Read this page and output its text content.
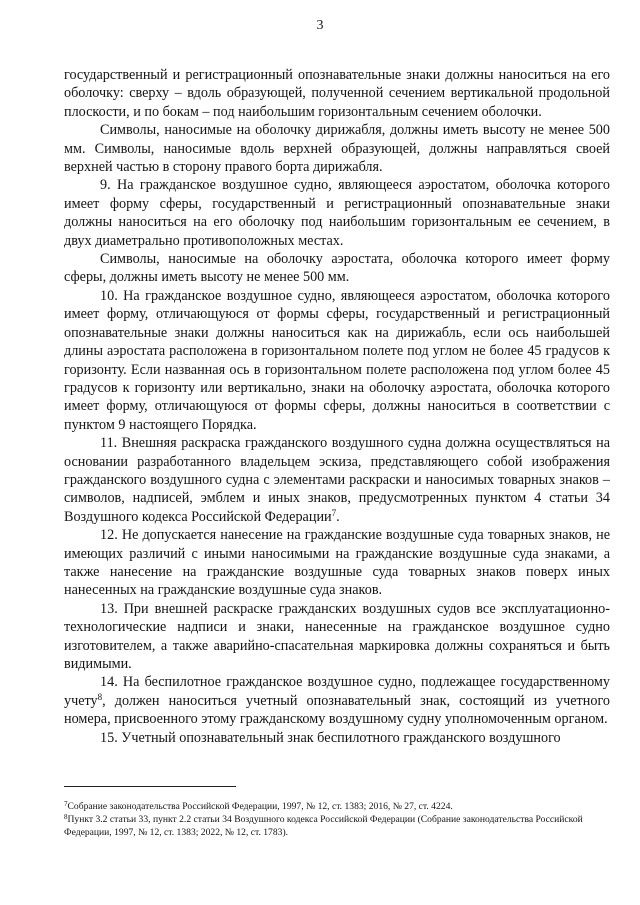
3

государственный и регистрационный опознавательные знаки должны наноситься на его оболочку: сверху – вдоль образующей, полученной сечением вертикальной продольной плоскости, и по бокам – под наибольшим горизонтальным сечением оболочки.

Символы, наносимые на оболочку дирижабля, должны иметь высоту не менее 500 мм. Символы, наносимые вдоль верхней образующей, должны направляться своей верхней частью в сторону правого борта дирижабля.

9. На гражданское воздушное судно, являющееся аэростатом, оболочка которого имеет форму сферы, государственный и регистрационный опознавательные знаки должны наноситься на его оболочку под наибольшим горизонтальным ее сечением, в двух диаметрально противоположных местах.

Символы, наносимые на оболочку аэростата, оболочка которого имеет форму сферы, должны иметь высоту не менее 500 мм.

10. На гражданское воздушное судно, являющееся аэростатом, оболочка которого имеет форму, отличающуюся от формы сферы, государственный и регистрационный опознавательные знаки должны наноситься как на дирижабль, если ось наибольшей длины аэростата расположена в горизонтальном полете под углом не более 45 градусов к горизонту. Если названная ось в горизонтальном полете расположена под углом более 45 градусов к горизонту или вертикально, знаки на оболочку аэростата, оболочка которого имеет форму, отличающуюся от формы сферы, должны наноситься в соответствии с пунктом 9 настоящего Порядка.

11. Внешняя раскраска гражданского воздушного судна должна осуществляться на основании разработанного владельцем эскиза, представляющего собой изображения гражданского воздушного судна с элементами раскраски и наносимых товарных знаков – символов, надписей, эмблем и иных знаков, предусмотренных пунктом 4 статьи 34 Воздушного кодекса Российской Федерации$^7$.

12. Не допускается нанесение на гражданские воздушные суда товарных знаков, не имеющих различий с иными наносимыми на гражданские воздушные суда знаками, а также нанесение на гражданские воздушные суда товарных знаков поверх иных нанесенных на гражданские воздушные суда знаков.

13. При внешней раскраске гражданских воздушных судов все эксплуатационно-технологические надписи и знаки, нанесенные на гражданское воздушное судно изготовителем, а также аварийно-спасательная маркировка должны сохраняться и быть видимыми.

14. На беспилотное гражданское воздушное судно, подлежащее государственному учету$^8$, должен наноситься учетный опознавательный знак, состоящий из учетного номера, присвоенного этому гражданскому воздушному судну уполномоченным органом.

15. Учетный опознавательный знак беспилотного гражданского воздушного

$^7$Собрание законодательства Российской Федерации, 1997, № 12, ст. 1383; 2016, № 27, ст. 4224.

$^8$Пункт 3.2 статьи 33, пункт 2.2 статьи 34 Воздушного кодекса Российской Федерации (Собрание законодательства Российской Федерации, 1997, № 12, ст. 1383; 2022, № 12, ст. 1783).
